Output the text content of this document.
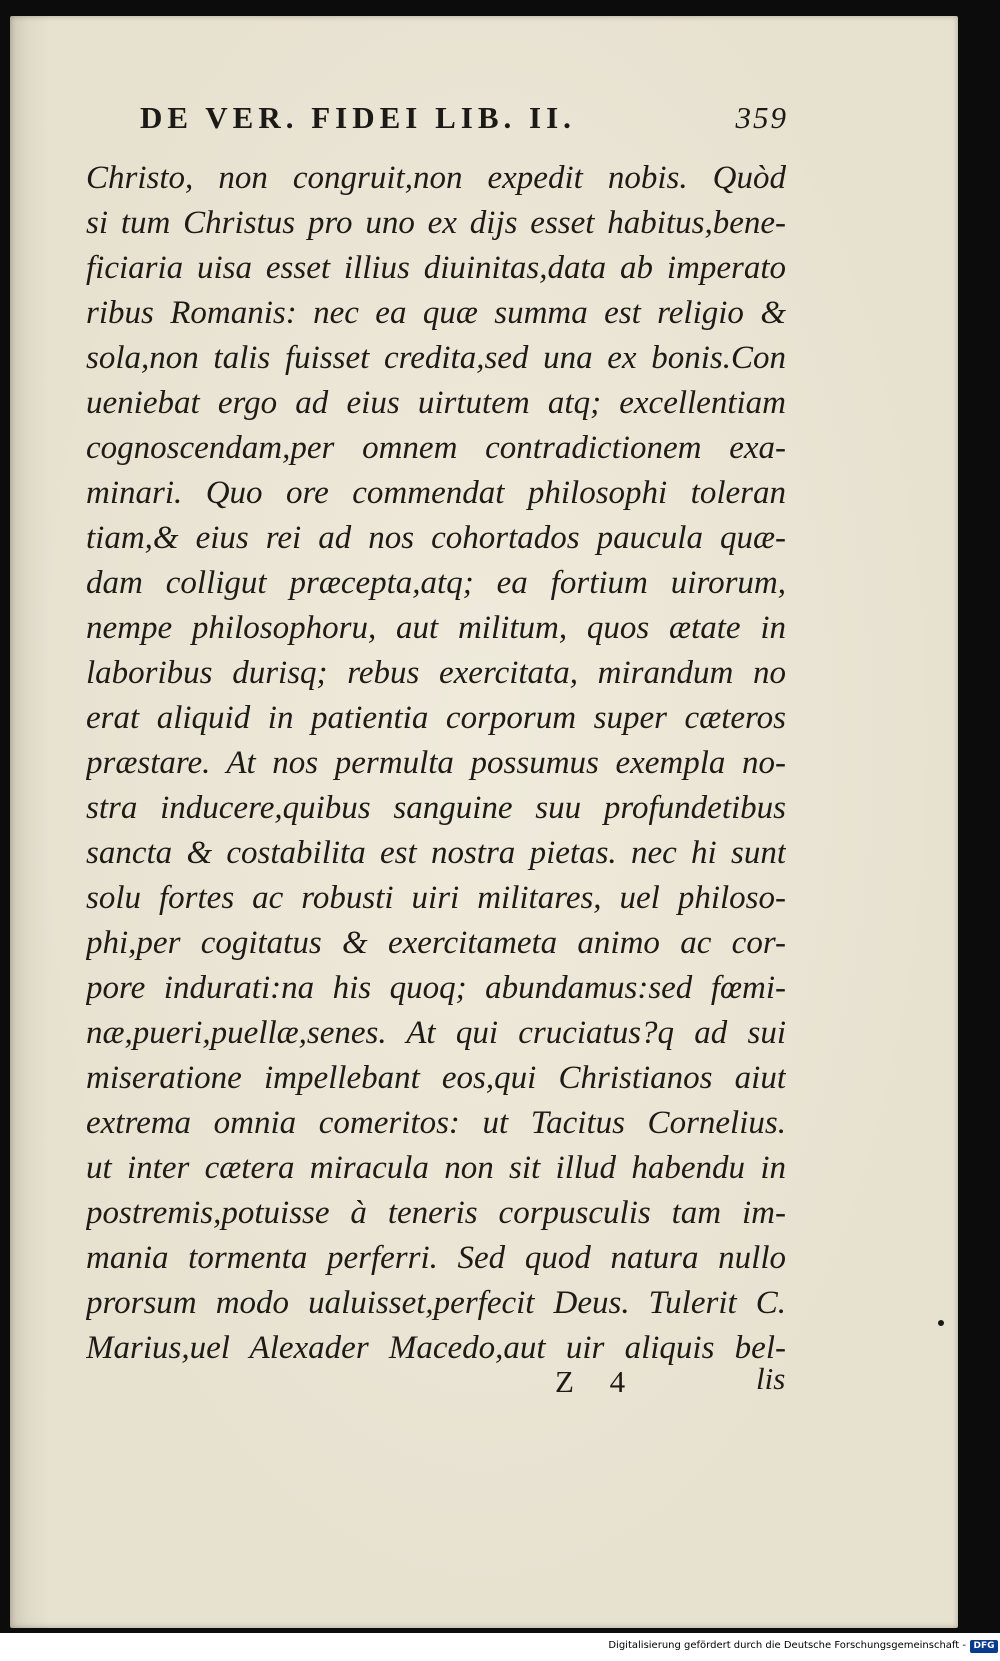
DE VER. FIDEI LIB. II.	359
Christo, non congruit,non expedit nobis. Quòd
si tum Christus pro uno ex dijs esset habitus,bene-
ficiaria uisa esset illius diuinitas,data ab imperato
ribus Romanis: nec ea quæ summa est religio &
sola,non talis fuisset credita,sed una ex bonis.Con
ueniebat ergo ad eius uirtutem atq; excellentiam
cognoscendam,per omnem contradictionem exa-
minari. Quo ore commendat philosophi toleran
tiam,& eius rei ad nos cohortados paucula quæ-
dam colligut præcepta,atq; ea fortium uirorum,
nempe philosophoru, aut militum, quos ætate in
laboribus durisq; rebus exercitata, mirandum no
erat aliquid in patientia corporum super cæteros
præstare. At nos permulta possumus exempla no-
stra inducere,quibus sanguine suu profundetibus
sancta & costabilita est nostra pietas. nec hi sunt
solu fortes ac robusti uiri militares, uel philoso-
phi,per cogitatus & exercitameta animo ac cor-
pore indurati:na his quoq; abundamus:sed fœmi-
næ,pueri,puellæ,senes. At qui cruciatus?q ad sui
miseratione impellebant eos,qui Christianos aiut
extrema omnia comeritos: ut Tacitus Cornelius.
ut inter cætera miracula non sit illud habendu in
postremis,potuisse à teneris corpusculis tam im-
mania tormenta perferri. Sed quod natura nullo
prorsum modo ualuisset,perfecit Deus. Tulerit C.
Marius,uel Alexader Macedo,aut uir aliquis bel-
Z 4	lis
Digitalisierung gefördert durch die Deutsche Forschungsgemeinschaft - DFG
